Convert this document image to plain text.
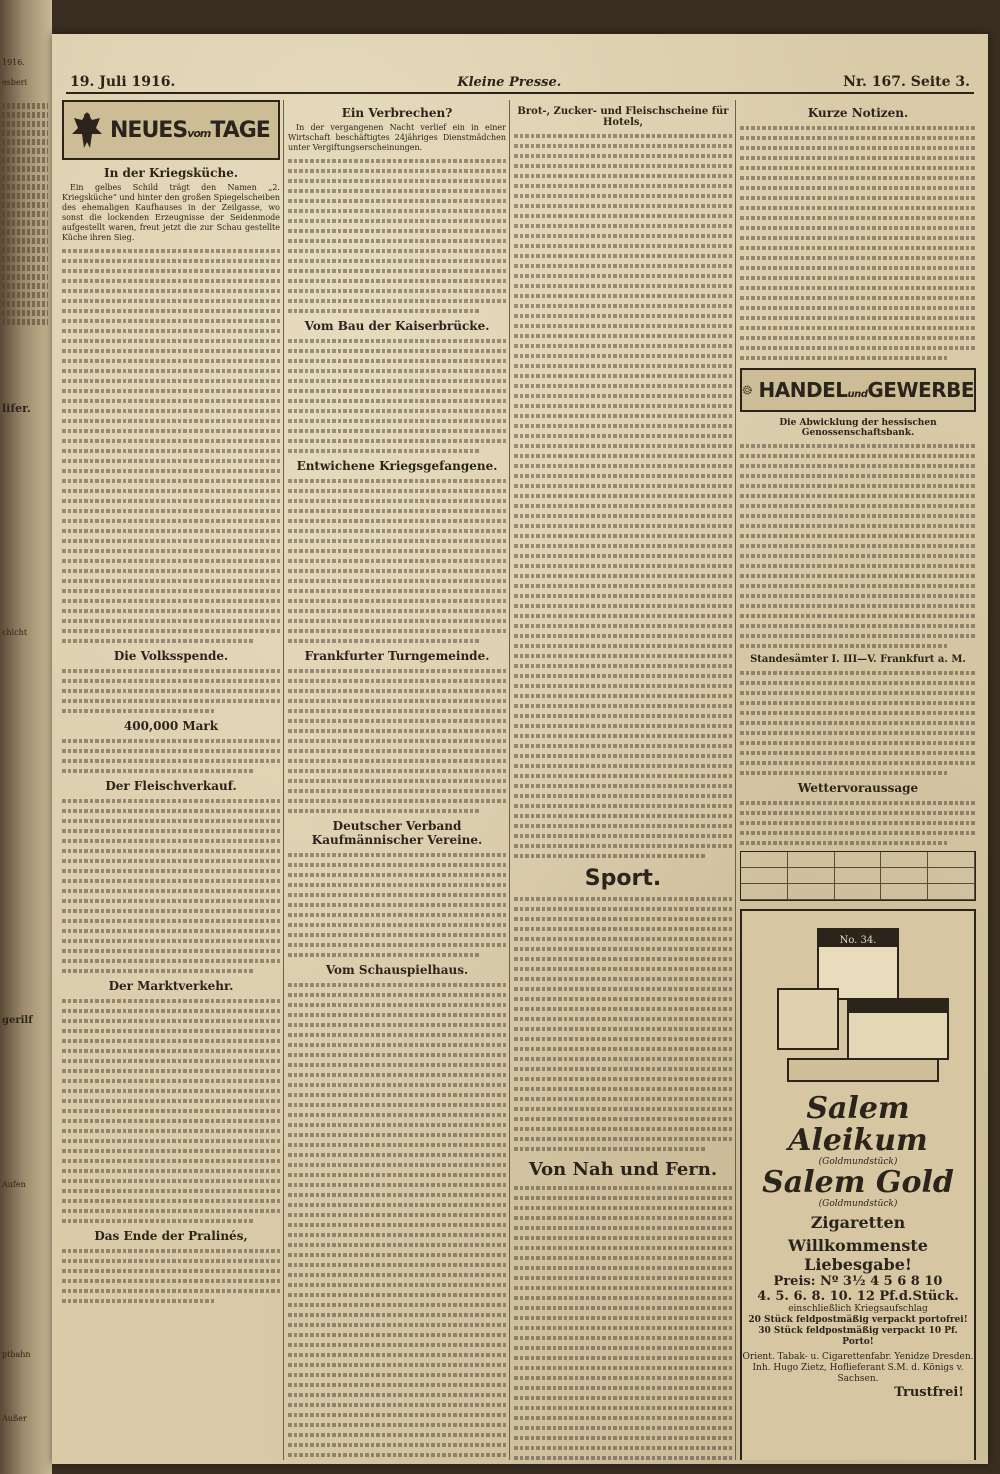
1916.
esberi
lifer.
chicht
gerilf
Aufen
ptbahn
Außer
19. Juli 1916.	Kleine Presse.	Nr. 167. Seite 3.
NEUESvomTAGE
In der Kriegsküche.
Ein gelbes Schild trägt den Namen „2. Kriegsküche“ und hinter den großen Spiegelscheiben des ehemaligen Kaufhauses in der Zeilgasse, wo sonst die lockenden Erzeugnisse der Seidenmode aufgestellt waren, freut jetzt die zur Schau gestellte Küche ihren Sieg.
Die Volksspende.
400,000 Mark
Der Fleischverkauf.
Der Marktverkehr.
Das Ende der Pralinés,
Ein Verbrechen?
In der vergangenen Nacht verlief ein in einer Wirtschaft beschäftigtes 24jähriges Dienstmädchen unter Vergiftungserscheinungen.
Vom Bau der Kaiserbrücke.
Entwichene Kriegsgefangene.
Frankfurter Turngemeinde.
Deutscher Verband Kaufmännischer Vereine.
Vom Schauspielhaus.
Brot-, Zucker- und Fleischscheine für Hotels,
Sport.
Von Nah und Fern.
Kurze Notizen.
HANDELundGEWERBE
Die Abwicklung der hessischen Genossenschaftsbank.
Standesämter I. III—V. Frankfurt a. M.
Wettervoraussage
No. 34.
Salem Aleikum
(Goldmundstück)
Salem Gold
(Goldmundstück)
Zigaretten
Willkommenste Liebesgabe!
Preis: Nº 3½ 4 5 6 8 10
4. 5. 6. 8. 10. 12 Pf.d.Stück.
einschließlich Kriegsaufschlag
20 Stück feldpostmäßig verpackt portofrei!
30 Stück feldpostmäßig verpackt 10 Pf. Porto!
Orient. Tabak- u. Cigarettenfabr. Yenidze Dresden.
Inh. Hugo Zietz, Hoflieferant S.M. d. Königs v. Sachsen.
Trustfrei!
